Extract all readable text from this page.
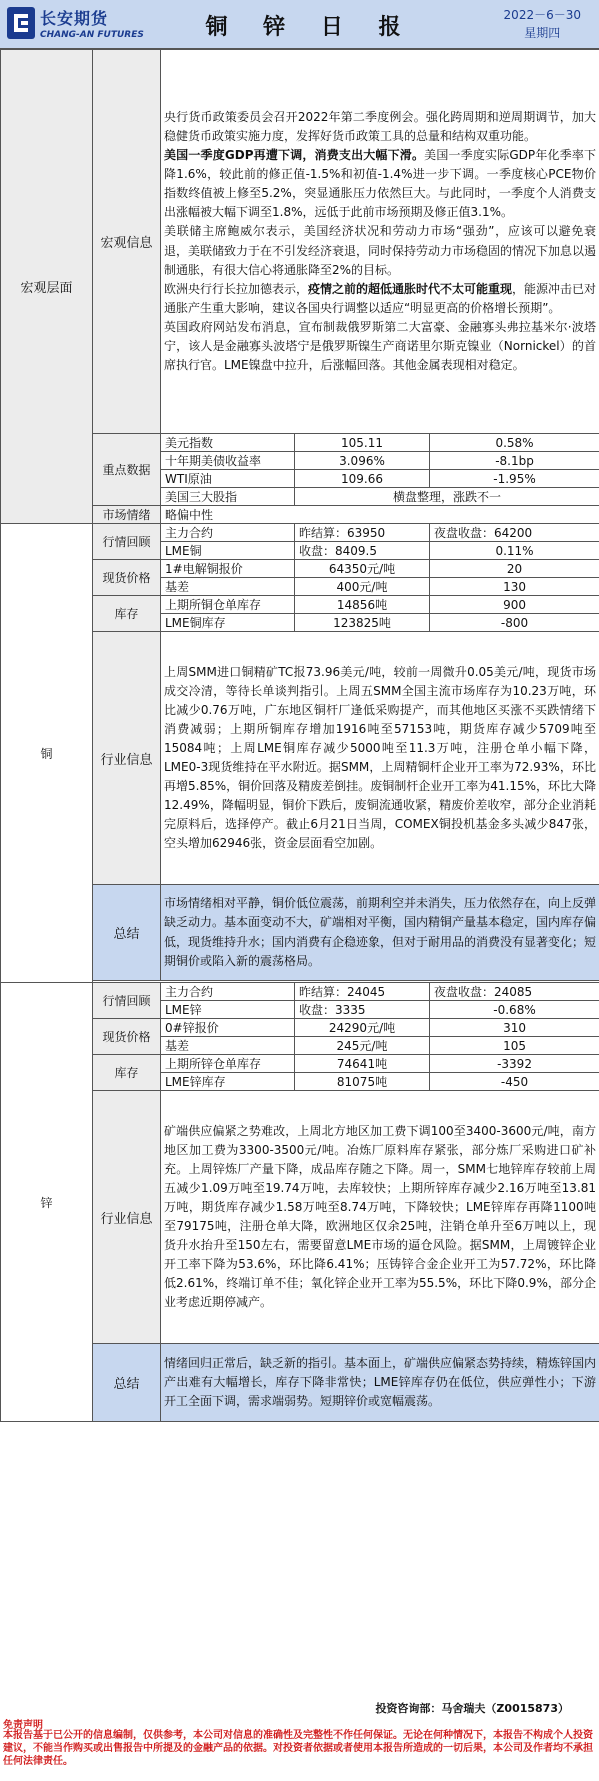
长安期货
CHANG-AN FUTURES	铜 锌 日 报	2022－6－30
星期四
宏观层面	宏观信息	央行货币政策委员会召开2022年第二季度例会。强化跨周期和逆周期调节，加大稳健货币政策实施力度，发挥好货币政策工具的总量和结构双重功能。

美国一季度GDP再遭下调，消费支出大幅下滑。美国一季度实际GDP年化季率下降1.6%，较此前的修正值-1.5%和初值-1.4%进一步下调。一季度核心PCE物价指数终值被上修至5.2%，突显通胀压力依然巨大。与此同时，一季度个人消费支出涨幅被大幅下调至1.8%，远低于此前市场预期及修正值3.1%。

美联储主席鲍威尔表示，美国经济状况和劳动力市场“强劲”，应该可以避免衰退，美联储致力于在不引发经济衰退，同时保持劳动力市场稳固的情况下加息以遏制通胀，有很大信心将通胀降至2%的目标。

欧洲央行行长拉加德表示，疫情之前的超低通胀时代不太可能重现，能源冲击已对通胀产生重大影响，建议各国央行调整以适应“明显更高的价格增长预期”。

英国政府网站发布消息，宣布制裁俄罗斯第二大富豪、金融寡头弗拉基米尔·波塔宁，该人是金融寡头波塔宁是俄罗斯镍生产商诺里尔斯克镍业（Nornickel）的首席执行官。LME镍盘中拉升，后涨幅回落。其他金属表现相对稳定。		

	重点数据	美元指数	105.11	0.58%
		十年期美债收益率	3.096%	-8.1bp
		WTI原油	109.66	-1.95%
		美国三大股指	横盘整理，涨跌不一	
	市场情绪	略偏中性		
铜	行情回顾	主力合约	昨结算：63950	夜盘收盘：64200
		LME铜	收盘：8409.5	0.11%
	现货价格	1#电解铜报价	64350元/吨	20
		基差	400元/吨	130
	库存	上期所铜仓单库存	14856吨	900
		LME铜库存	123825吨	-800
	行业信息	上周SMM进口铜精矿TC报73.96美元/吨，较前一周微升0.05美元/吨，现货市场成交冷清，等待长单谈判指引。上周五SMM全国主流市场库存为10.23万吨，环比减少0.76万吨，广东地区铜杆厂逢低采购提产，而其他地区买涨不买跌情绪下消费减弱；上期所铜库存增加1916吨至57153吨，期货库存减少5709吨至15084吨；上周LME铜库存减少5000吨至11.3万吨，注册仓单小幅下降，LME0-3现货维持在平水附近。据SMM，上周精铜杆企业开工率为72.93%，环比再增5.85%，铜价回落及精废差倒挂。废铜制杆企业开工率为41.15%，环比大降12.49%，降幅明显，铜价下跌后，废铜流通收紧，精废价差收窄，部分企业消耗完原料后，选择停产。截止6月21日当周，COMEX铜投机基金多头减少847张，空头增加62946张，资金层面看空加剧。		
	总结	市场情绪相对平静，铜价低位震荡，前期利空并未消失，压力依然存在，向上反弹缺乏动力。基本面变动不大，矿端相对平衡，国内精铜产量基本稳定，国内库存偏低，现货维持升水；国内消费有企稳迹象，但对于耐用品的消费没有显著变化；短期铜价或陷入新的震荡格局。		

锌	行情回顾	主力合约	昨结算：24045	夜盘收盘：24085
		LME锌	收盘：3335	-0.68%
	现货价格	0#锌报价	24290元/吨	310
		基差	245元/吨	105
	库存	上期所锌仓单库存	74641吨	-3392
		LME锌库存	81075吨	-450
	行业信息	矿端供应偏紧之势难改，上周北方地区加工费下调100至3400-3600元/吨，南方地区加工费为3300-3500元/吨。冶炼厂原料库存紧张，部分炼厂采购进口矿补充。上周锌炼厂产量下降，成品库存随之下降。周一，SMM七地锌库存较前上周五减少1.09万吨至19.74万吨，去库较快；上期所锌库存减少2.16万吨至13.81万吨，期货库存减少1.58万吨至8.74万吨，下降较快；LME锌库存再降1100吨至79175吨，注册仓单大降，欧洲地区仅余25吨，注销仓单升至6万吨以上，现货升水抬升至150左右，需要留意LME市场的逼仓风险。据SMM，上周镀锌企业开工率下降为53.6%，环比降6.41%；压铸锌合金企业开工为57.72%，环比降低2.61%，终端订单不佳；氧化锌企业开工率为55.5%，环比下降0.9%，部分企业考虑近期停减产。		
	总结	情绪回归正常后，缺乏新的指引。基本面上，矿端供应偏紧态势持续，精炼锌国内产出难有大幅增长，库存下降非常快；LME锌库存仍在低位，供应弹性小；下游开工全面下调，需求端弱势。短期锌价或宽幅震荡。		
投资咨询部：马舍瑞夫（Z0015873）
免责声明
本报告基于已公开的信息编制，仅供参考，本公司对信息的准确性及完整性不作任何保证。无论在何种情况下，本报告不构成个人投资建议，不能当作购买或出售报告中所提及的金融产品的依据。对投资者依据或者使用本报告所造成的一切后果，本公司及作者均不承担任何法律责任。
